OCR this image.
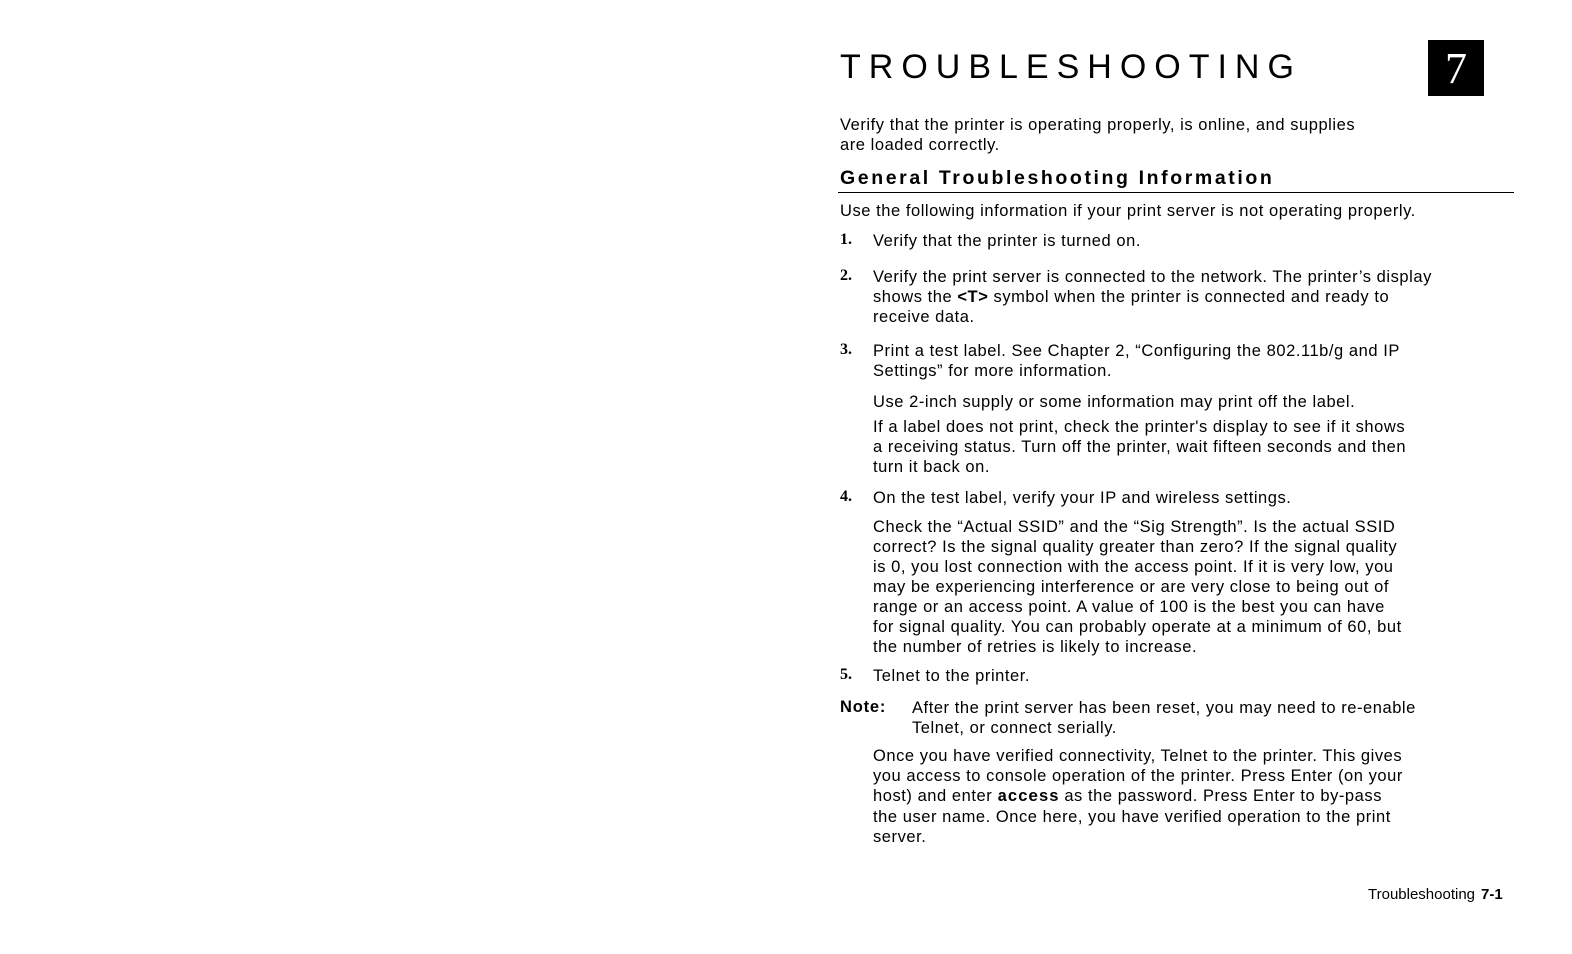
TROUBLESHOOTING	7
Verify that the printer is operating properly, is online, and supplies
are loaded correctly.
General Troubleshooting Information
Use the following information if your print server is not operating properly.
1. Verify that the printer is turned on.
2. Verify the print server is connected to the network. The printer’s display
shows the <T> symbol when the printer is connected and ready to
receive data.
3. Print a test label. See Chapter 2, “Configuring the 802.11b/g and IP
Settings” for more information.
Use 2-inch supply or some information may print off the label.
If a label does not print, check the printer's display to see if it shows
a receiving status. Turn off the printer, wait fifteen seconds and then
turn it back on.
4. On the test label, verify your IP and wireless settings.
Check the “Actual SSID” and the “Sig Strength”. Is the actual SSID
correct? Is the signal quality greater than zero? If the signal quality
is 0, you lost connection with the access point. If it is very low, you
may be experiencing interference or are very close to being out of
range or an access point. A value of 100 is the best you can have
for signal quality. You can probably operate at a minimum of 60, but
the number of retries is likely to increase.
5. Telnet to the printer.
Note: After the print server has been reset, you may need to re-enable
Telnet, or connect serially.
Once you have verified connectivity, Telnet to the printer. This gives
you access to console operation of the printer. Press Enter (on your
host) and enter access as the password. Press Enter to by-pass
the user name. Once here, you have verified operation to the print
server.
Troubleshooting 7-1
